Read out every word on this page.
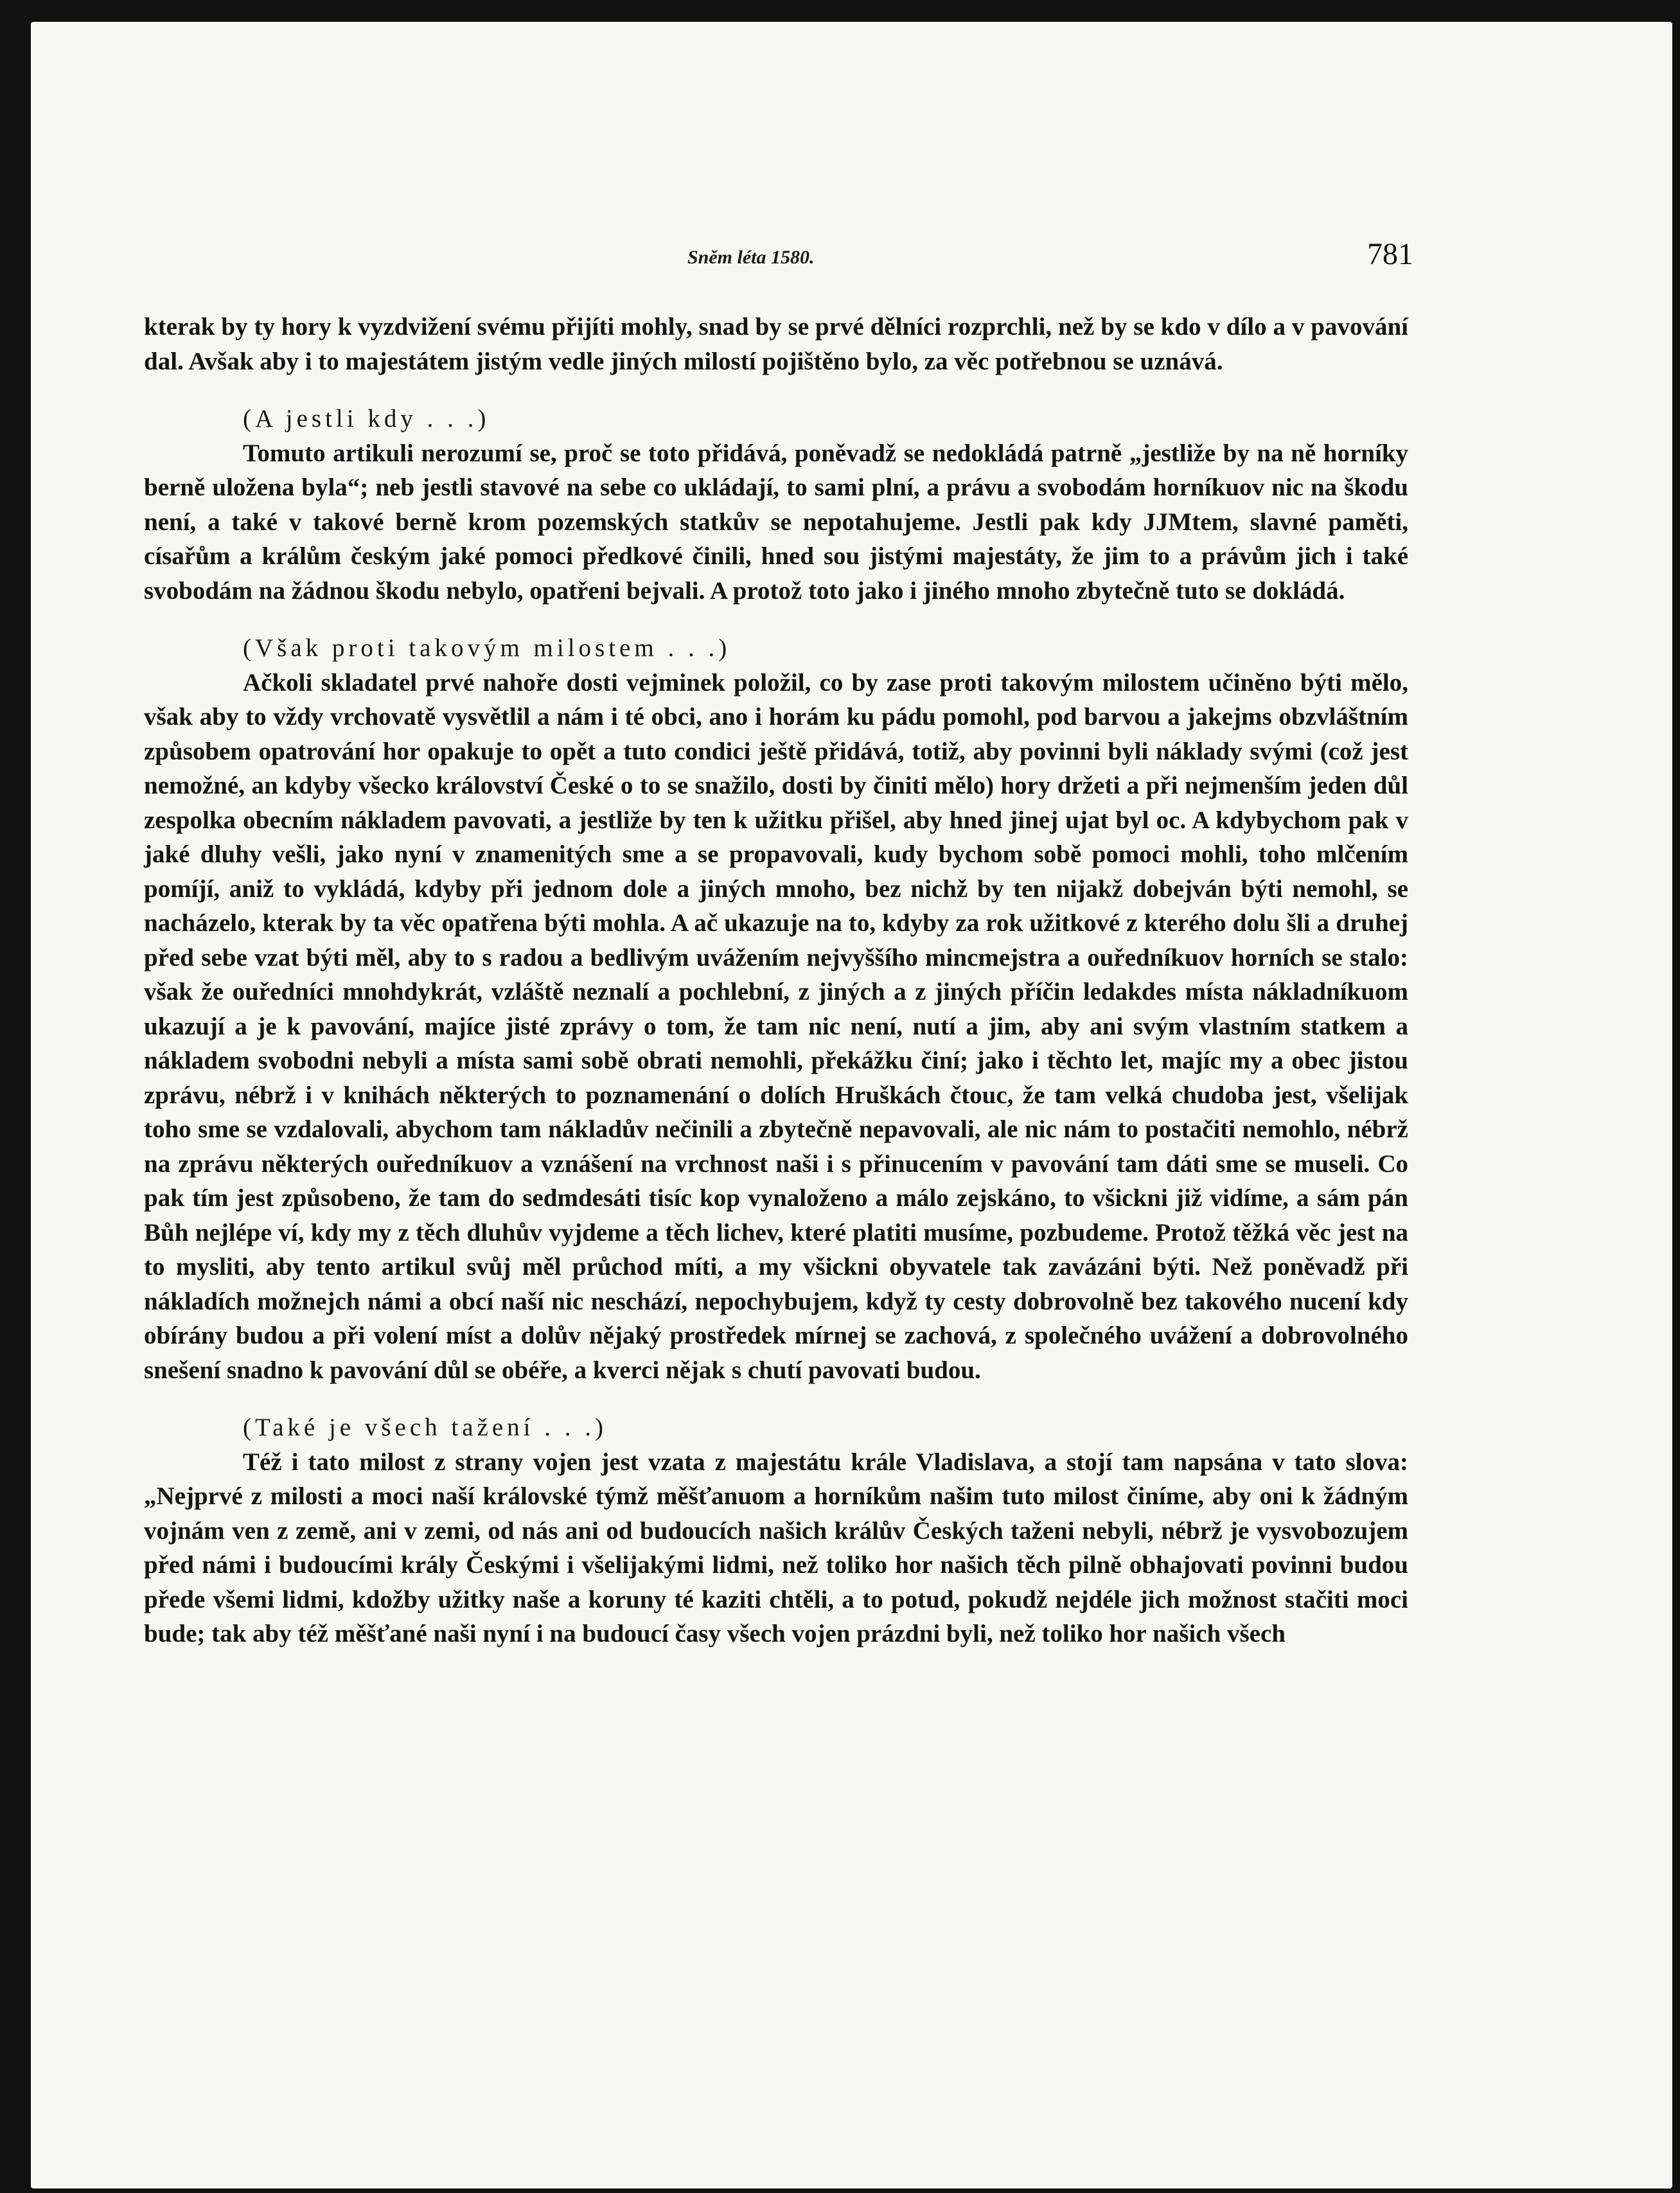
Sněm léta 1580.	781

kterak by ty hory k vyzdvižení svému přijíti mohly, snad by se prvé dělníci rozprchli, než by se kdo v dílo a v pavování dal. Avšak aby i to majestátem jistým vedle jiných milostí pojištěno bylo, za věc potřebnou se uznává.

(A jestli kdy . . .)

Tomuto artikuli nerozumí se, proč se toto přidává, poněvadž se nedokládá patrně „jestliže by na ně horníky berně uložena byla“; neb jestli stavové na sebe co ukládají, to sami plní, a právu a svobodám horníkuov nic na škodu není, a také v takové berně krom pozemských statkův se nepotahujeme. Jestli pak kdy JJMtem, slavné paměti, císařům a králům českým jaké pomoci předkové činili, hned sou jistými majestáty, že jim to a právům jich i také svobodám na žádnou škodu nebylo, opatřeni bejvali. A protož toto jako i jiného mnoho zbytečně tuto se dokládá.

(Však proti takovým milostem . . .)

Ačkoli skladatel prvé nahoře dosti vejminek položil, co by zase proti takovým milostem učiněno býti mělo, však aby to vždy vrchovatě vysvětlil a nám i té obci, ano i horám ku pádu pomohl, pod barvou a jakejms obzvláštním způsobem opatrování hor opakuje to opět a tuto condici ještě přidává, totiž, aby povinni byli náklady svými (což jest nemožné, an kdyby všecko království České o to se snažilo, dosti by činiti mělo) hory držeti a při nejmenším jeden důl zespolka obecním nákladem pavovati, a jestliže by ten k užitku přišel, aby hned jinej ujat byl oc. A kdybychom pak v jaké dluhy vešli, jako nyní v znamenitých sme a se propavovali, kudy bychom sobě pomoci mohli, toho mlčením pomíjí, aniž to vykládá, kdyby při jednom dole a jiných mnoho, bez nichž by ten nijakž dobejván býti nemohl, se nacházelo, kterak by ta věc opatřena býti mohla. A ač ukazuje na to, kdyby za rok užitkové z kterého dolu šli a druhej před sebe vzat býti měl, aby to s radou a bedlivým uvážením nejvyššího mincmejstra a ouředníkuov horních se stalo: však že ouředníci mnohdykrát, vzláště neznalí a pochlební, z jiných a z jiných příčin ledakdes místa nákladníkuom ukazují a je k pavování, majíce jisté zprávy o tom, že tam nic není, nutí a jim, aby ani svým vlastním statkem a nákladem svobodni nebyli a místa sami sobě obrati nemohli, překážku činí; jako i těchto let, majíc my a obec jistou zprávu, nébrž i v knihách některých to poznamenání o dolích Hruškách čtouc, že tam velká chudoba jest, všelijak toho sme se vzdalovali, abychom tam nákladův nečinili a zbytečně nepavovali, ale nic nám to postačiti nemohlo, nébrž na zprávu některých ouředníkuov a vznášení na vrchnost naši i s přinucením v pavování tam dáti sme se museli. Co pak tím jest způsobeno, že tam do sedmdesáti tisíc kop vynaloženo a málo zejskáno, to všickni již vidíme, a sám pán Bůh nejlépe ví, kdy my z těch dluhův vyjdeme a těch lichev, které platiti musíme, pozbudeme. Protož těžká věc jest na to mysliti, aby tento artikul svůj měl průchod míti, a my všickni obyvatele tak zavázáni býti. Než poněvadž při nákladích možnejch námi a obcí naší nic neschází, nepochybujem, když ty cesty dobrovolně bez takového nucení kdy obírány budou a při volení míst a dolův nějaký prostředek mírnej se zachová, z společného uvážení a dobrovolného snešení snadno k pavování důl se obéře, a kverci nějak s chutí pavovati budou.

(Také je všech tažení . . .)

Též i tato milost z strany vojen jest vzata z majestátu krále Vladislava, a stojí tam napsána v tato slova: „Nejprvé z milosti a moci naší královské týmž měšťanuom a horníkům našim tuto milost činíme, aby oni k žádným vojnám ven z země, ani v zemi, od nás ani od budoucích našich králův Českých taženi nebyli, nébrž je vysvobozujem před námi i budoucími krály Českými i všelijakými lidmi, než toliko hor našich těch pilně obhajovati povinni budou přede všemi lidmi, kdožby užitky naše a koruny té kaziti chtěli, a to potud, pokudž nejdéle jich možnost stačiti moci bude; tak aby též měšťané naši nyní i na budoucí časy všech vojen prázdni byli, než toliko hor našich všech
